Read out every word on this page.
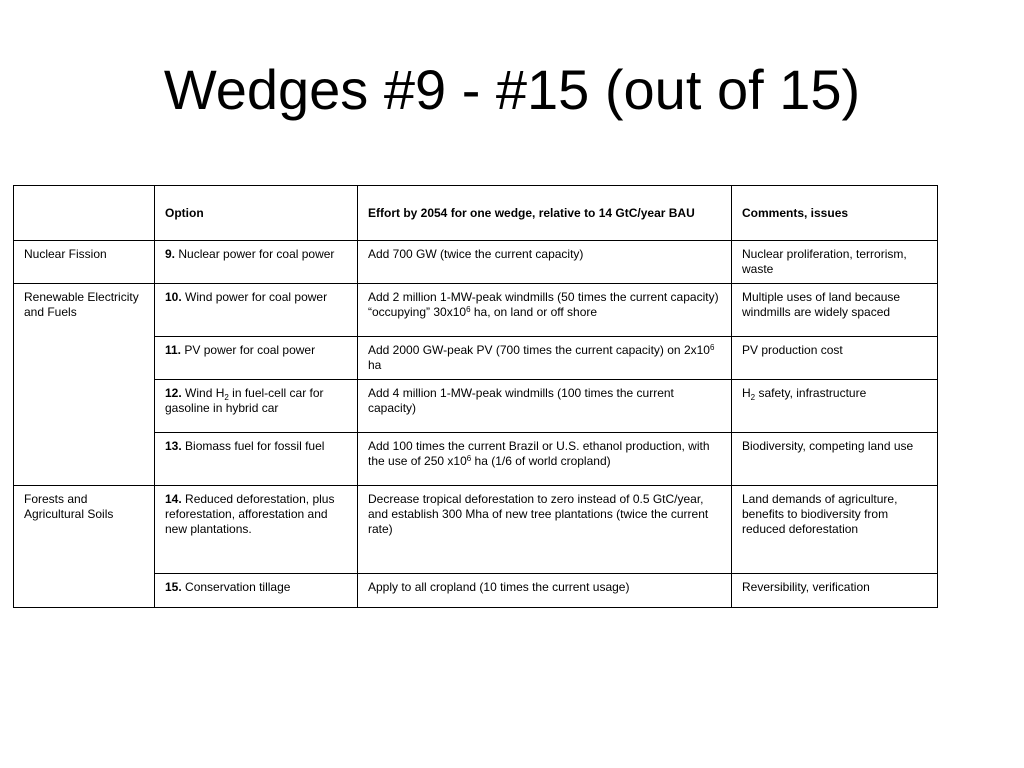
Wedges #9 - #15 (out of 15)
	Option	Effort by 2054 for one wedge, relative to 14 GtC/year BAU	Comments, issues
Nuclear Fission	9. Nuclear power for coal power	Add 700 GW (twice the current capacity)	Nuclear proliferation, terrorism, waste
Renewable Electricity and Fuels	10. Wind power for coal power	Add 2 million 1-MW-peak windmills (50 times the current capacity) “occupying” $30x10^6$ ha, on land or off shore	Multiple uses of land because windmills are widely spaced
	11. PV power for coal power	Add 2000 GW-peak PV (700 times the current capacity) on $2x10^6$ ha	PV production cost
	12. Wind $H_2$ in fuel-cell car for gasoline in hybrid car	Add 4 million 1-MW-peak windmills (100 times the current capacity)	$H_2$ safety, infrastructure
	13. Biomass fuel for fossil fuel	Add 100 times the current Brazil or U.S. ethanol production, with the use of 250 $x10^6$ ha (1/6 of world cropland)	Biodiversity, competing land use
Forests and Agricultural Soils	14. Reduced deforestation, plus reforestation, afforestation and new plantations.	Decrease tropical deforestation to zero instead of 0.5 GtC/year, and establish 300 Mha of new tree plantations (twice the current rate)	Land demands of agriculture, benefits to biodiversity from reduced deforestation
	15. Conservation tillage	Apply to all cropland (10 times the current usage)	Reversibility, verification
